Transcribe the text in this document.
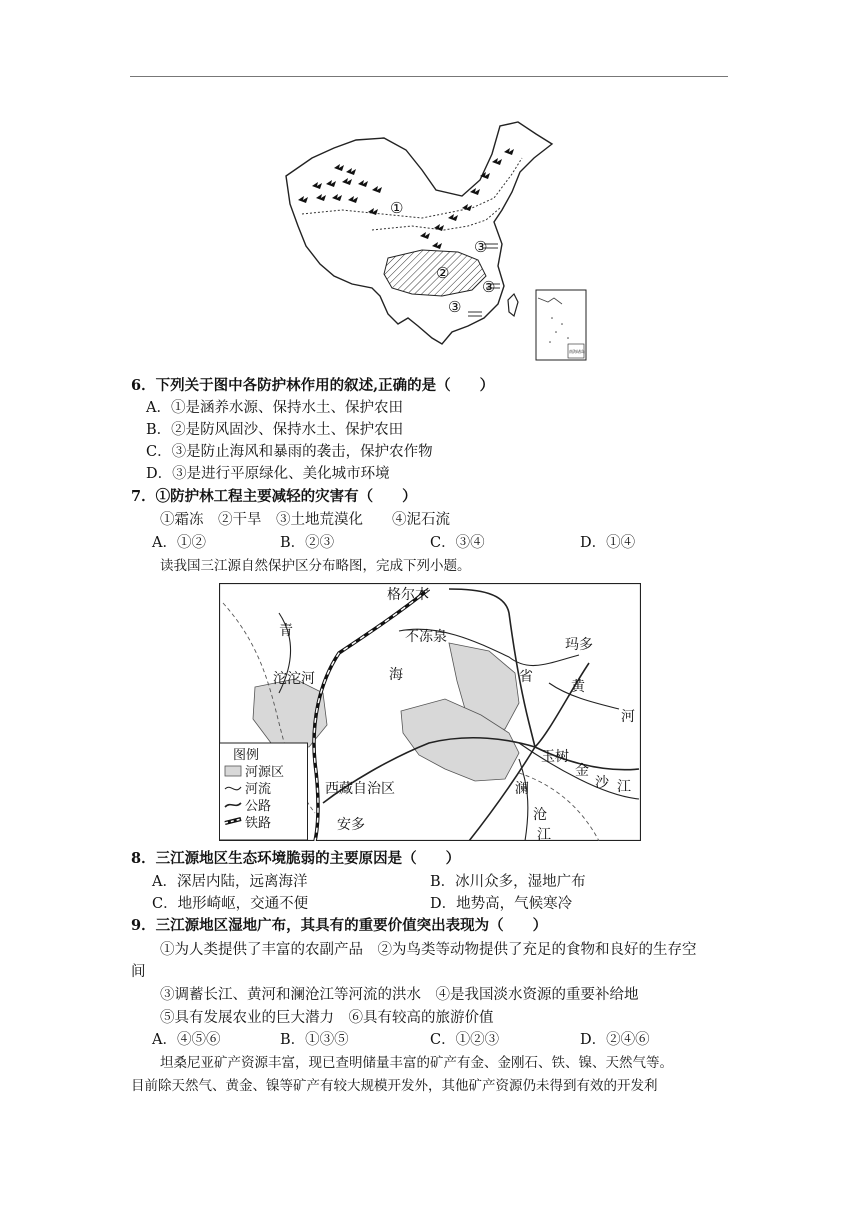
①
②
③
③
③
南海诸岛
6．下列关于图中各防护林作用的叙述,正确的是（　　）
A．①是涵养水源、保持水土、保护农田
B．②是防风固沙、保持水土、保护农田
C．③是防止海风和暴雨的袭击，保护农作物
D．③是进行平原绿化、美化城市环境
7．①防护林工程主要减轻的灾害有（　　）
①霜冻　②干旱　③土地荒漠化　　④泥石流
A．①②	B．②③	C．③④	D．①④
读我国三江源自然保护区分布略图，完成下列小题。
格尔木
青	不冻泉	玛多
沱沱河	海	省
黄
河
玉树
金
沙 江
澜
沧
江
西藏自治区
安多
图例
河源区
河流
公路
铁路
8．三江源地区生态环境脆弱的主要原因是（　　）
A．深居内陆，远离海洋	B．冰川众多，湿地广布
C．地形崎岖，交通不便	D．地势高，气候寒冷
9．三江源地区湿地广布，其具有的重要价值突出表现为（　　）
①为人类提供了丰富的农副产品　②为鸟类等动物提供了充足的食物和良好的生存空
间
③调蓄长江、黄河和澜沧江等河流的洪水　④是我国淡水资源的重要补给地
⑤具有发展农业的巨大潜力　⑥具有较高的旅游价值
A．④⑤⑥	B．①③⑤	C．①②③	D．②④⑥
坦桑尼亚矿产资源丰富，现已查明储量丰富的矿产有金、金刚石、铁、镍、天然气等。
目前除天然气、黄金、镍等矿产有较大规模开发外，其他矿产资源仍未得到有效的开发利
